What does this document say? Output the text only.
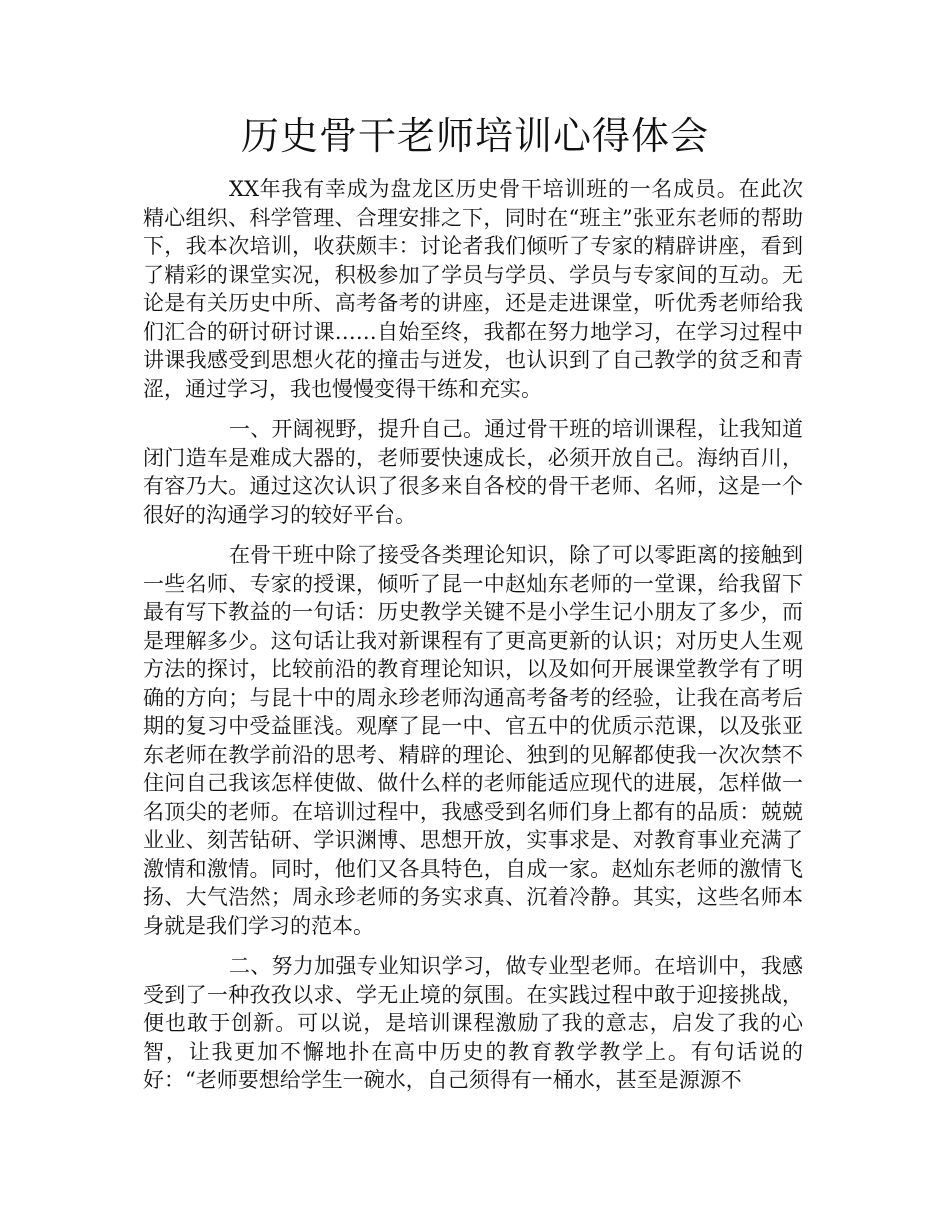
历史骨干老师培训心得体会

XX年我有幸成为盘龙区历史骨干培训班的一名成员。在此次精心组织、科学管理、合理安排之下，同时在“班主”张亚东老师的帮助下，我本次培训，收获颇丰：讨论者我们倾听了专家的精辟讲座，看到了精彩的课堂实况，积极参加了学员与学员、学员与专家间的互动。无论是有关历史中所、高考备考的讲座，还是走进课堂，听优秀老师给我们汇合的研讨研讨课……自始至终，我都在努力地学习，在学习过程中讲课我感受到思想火花的撞击与迸发，也认识到了自己教学的贫乏和青涩，通过学习，我也慢慢变得干练和充实。

一、开阔视野，提升自己。通过骨干班的培训课程，让我知道闭门造车是难成大器的，老师要快速成长，必须开放自己。海纳百川，有容乃大。通过这次认识了很多来自各校的骨干老师、名师，这是一个很好的沟通学习的较好平台。

在骨干班中除了接受各类理论知识，除了可以零距离的接触到一些名师、专家的授课，倾听了昆一中赵灿东老师的一堂课，给我留下最有写下教益的一句话：历史教学关键不是小学生记小朋友了多少，而是理解多少。这句话让我对新课程有了更高更新的认识；对历史人生观方法的探讨，比较前沿的教育理论知识，以及如何开展课堂教学有了明确的方向；与昆十中的周永珍老师沟通高考备考的经验，让我在高考后期的复习中受益匪浅。观摩了昆一中、官五中的优质示范课，以及张亚东老师在教学前沿的思考、精辟的理论、独到的见解都使我一次次禁不住问自己我该怎样使做、做什么样的老师能适应现代的进展，怎样做一名顶尖的老师。在培训过程中，我感受到名师们身上都有的品质：兢兢业业、刻苦钻研、学识渊博、思想开放，实事求是、对教育事业充满了激情和激情。同时，他们又各具特色，自成一家。赵灿东老师的激情飞扬、大气浩然；周永珍老师的务实求真、沉着冷静。其实，这些名师本身就是我们学习的范本。

二、努力加强专业知识学习，做专业型老师。在培训中，我感受到了一种孜孜以求、学无止境的氛围。在实践过程中敢于迎接挑战，便也敢于创新。可以说，是培训课程激励了我的意志，启发了我的心智，让我更加不懈地扑在高中历史的教育教学教学上。有句话说的好：“老师要想给学生一碗水，自己须得有一桶水，甚至是源源不
